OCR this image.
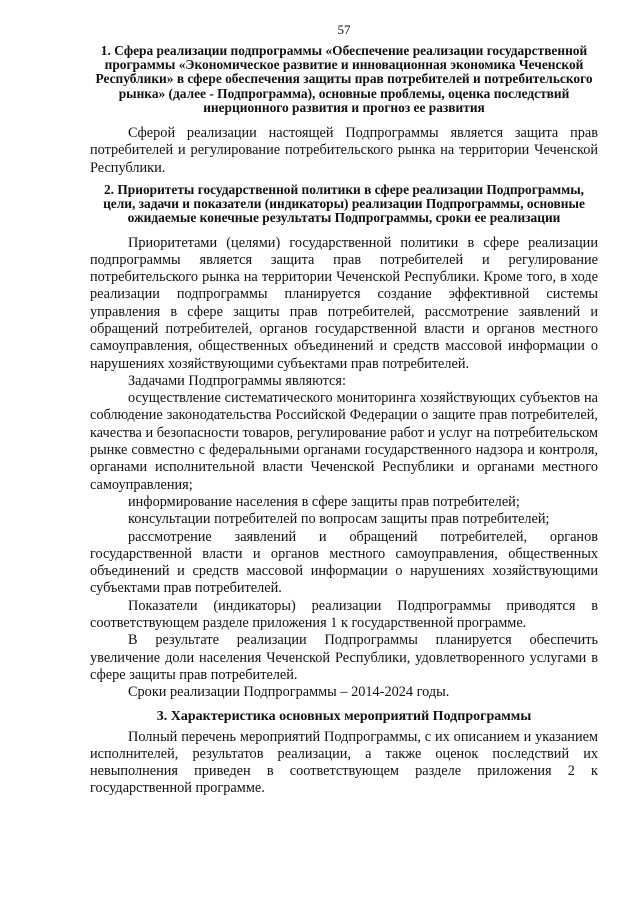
57
1. Сфера реализации подпрограммы «Обеспечение реализации государственной программы «Экономическое развитие и инновационная экономика Чеченской Республики» в сфере обеспечения защиты прав потребителей и потребительского рынка» (далее - Подпрограмма), основные проблемы, оценка последствий инерционного развития и прогноз ее развития

Сферой реализации настоящей Подпрограммы является защита прав потребителей и регулирование потребительского рынка на территории Чеченской Республики.

2. Приоритеты государственной политики в сфере реализации Подпрограммы, цели, задачи и показатели (индикаторы) реализации Подпрограммы, основные ожидаемые конечные результаты Подпрограммы, сроки ее реализации

Приоритетами (целями) государственной политики в сфере реализации подпрограммы является защита прав потребителей и регулирование потребительского рынка на территории Чеченской Республики. Кроме того, в ходе реализации подпрограммы планируется создание эффективной системы управления в сфере защиты прав потребителей, рассмотрение заявлений и обращений потребителей, органов государственной власти и органов местного самоуправления, общественных объединений и средств массовой информации о нарушениях хозяйствующими субъектами прав потребителей.

Задачами Подпрограммы являются:

осуществление систематического мониторинга хозяйствующих субъектов на соблюдение законодательства Российской Федерации о защите прав потребителей, качества и безопасности товаров, регулирование работ и услуг на потребительском рынке совместно с федеральными органами государственного надзора и контроля, органами исполнительной власти Чеченской Республики и органами местного самоуправления;

информирование населения в сфере защиты прав потребителей;

консультации потребителей по вопросам защиты прав потребителей;

рассмотрение заявлений и обращений потребителей, органов государственной власти и органов местного самоуправления, общественных объединений и средств массовой информации о нарушениях хозяйствующими субъектами прав потребителей.

Показатели (индикаторы) реализации Подпрограммы приводятся в соответствующем разделе приложения 1 к государственной программе.

В результате реализации Подпрограммы планируется обеспечить увеличение доли населения Чеченской Республики, удовлетворенного услугами в сфере защиты прав потребителей.

Сроки реализации Подпрограммы – 2014-2024 годы.

3. Характеристика основных мероприятий Подпрограммы

Полный перечень мероприятий Подпрограммы, с их описанием и указанием исполнителей, результатов реализации, а также оценок последствий их невыполнения приведен в соответствующем разделе приложения 2 к государственной программе.
